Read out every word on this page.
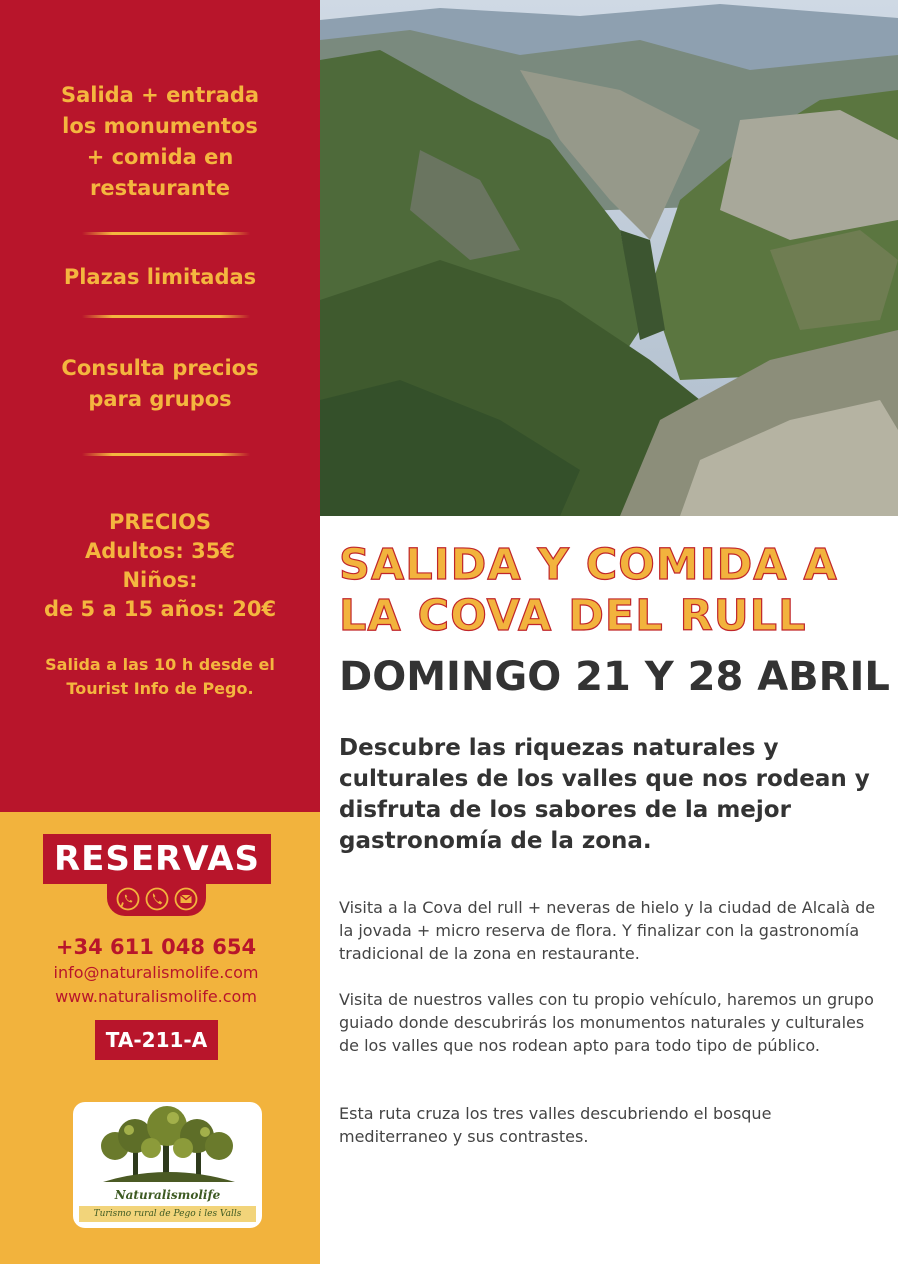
Salida + entrada
los monumentos
+ comida en
restaurante
Plazas limitadas
Consulta precios
para grupos
PRECIOS
Adultos: 35€
Niños:
de 5 a 15 años: 20€
Salida a las 10 h desde el
Tourist Info de Pego.
RESERVAS
+34 611 048 654
info@naturalismolife.com
www.naturalismolife.com
TA-211-A
Naturalismolife
Turismo rural de Pego i les Valls
SALIDA Y COMIDA A
LA COVA DEL RULL
DOMINGO 21 Y 28 ABRIL
Descubre las riquezas naturales y culturales de los valles que nos rodean y disfruta de los sabores de la mejor gastronomía de la zona.
Visita a la Cova del rull + neveras de hielo y la ciudad de Alcalà de la jovada + micro reserva de flora. Y finalizar con la gastronomía tradicional de la zona en restaurante.
Visita de nuestros valles con tu propio vehículo, haremos un grupo guiado donde descubrirás los monumentos naturales y culturales de los valles que nos rodean apto para todo tipo de público.
Esta ruta cruza los tres valles descubriendo el bosque mediterraneo y sus contrastes.
